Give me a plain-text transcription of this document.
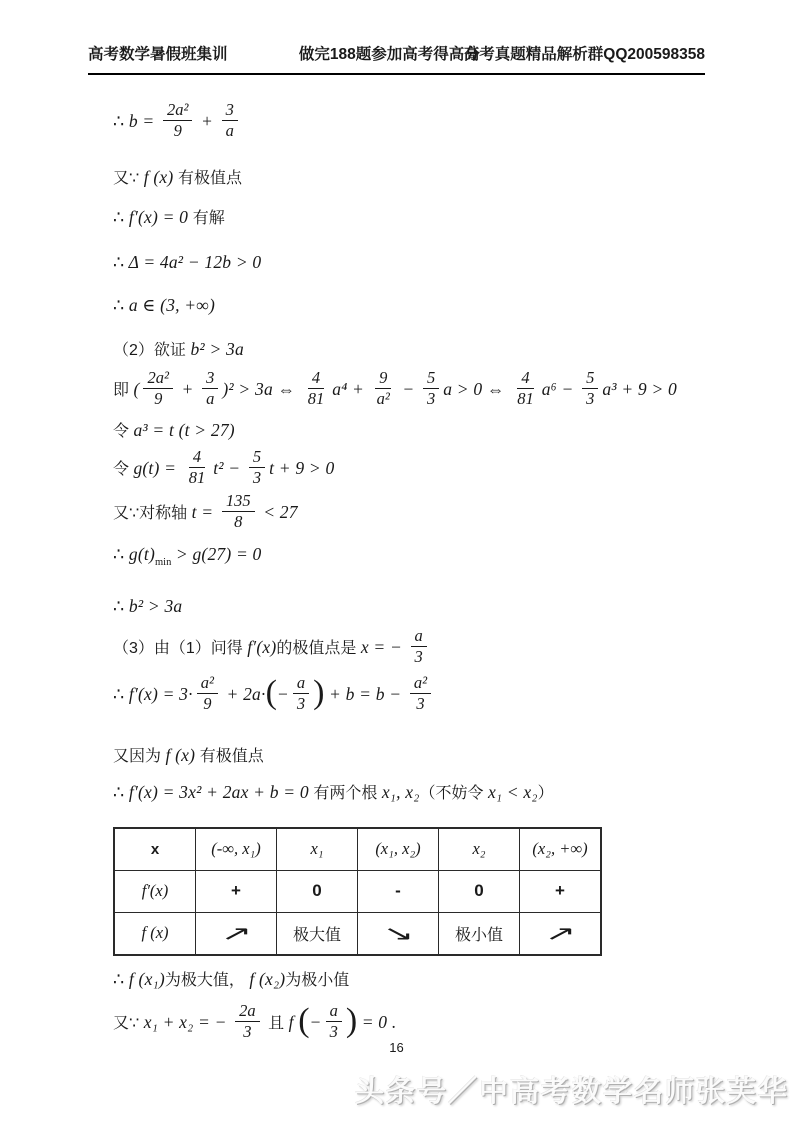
高考数学暑假班集训	做完188题参加高考得高分高考真题精品解析群QQ200598358
∴ $b = \frac{\text{2a²}}{9} + \frac{3}{a}$
又∵ f (x) 有极值点
∴ f′(x) = 0 有解
∴ Δ = 4a² − 12b > 0
∴ a ∈ (3, +∞)
（2）欲证 b² > 3a
即 ( $\frac{\text{2a²}}{9} + \frac{3}{a} )^2 > 3a$ ⇔ $\frac{4}{81} a^4 + \frac{9}{\text{a²}} - \frac{5}{3}$ a > 0 ⇔ $\frac{4}{81} a^6 - \frac{5}{3} a^3 + 9 > 0$
令 a³ = t (t > 27)
令 $g(t) = \frac{4}{81} t^2 - \frac{5}{3}$ t + 9 > 0
又∵对称轴 $t = \frac{135}{8} < 27$
∴ $g(t)_{min} > g(27) = 0$
∴ b² > 3a
（3）由（1）问得 f′(x)的极值点是 x = − $\frac{a}{3}$
∴ $f'(x) = 3\cdot \frac{\text{a²}}{9} + 2a\cdot(- \frac{a}{3}$ ) + $b = b - \frac{\text{a²}}{3}$
又因为 f (x) 有极值点
∴ f′(x) = 3x² + 2ax + b = 0 有两个根 x₁, x₂（不妨令 x₁ < x₂）
x	(-∞, x₁)	x₁	(x₁, x₂)	x₂	(x₂, +∞)
f′(x)	+	0	-	0	+
f (x)	↗	极大值	↘	极小值	↗
∴ f (x₁)为极大值， f (x₂)为极小值
又∵ x₁ + x₂ = − $\frac{2a}{3}$ 且 f (− $\frac{a}{3}$ ) = 0 .
16
头条号／中高考数学名师张芙华
